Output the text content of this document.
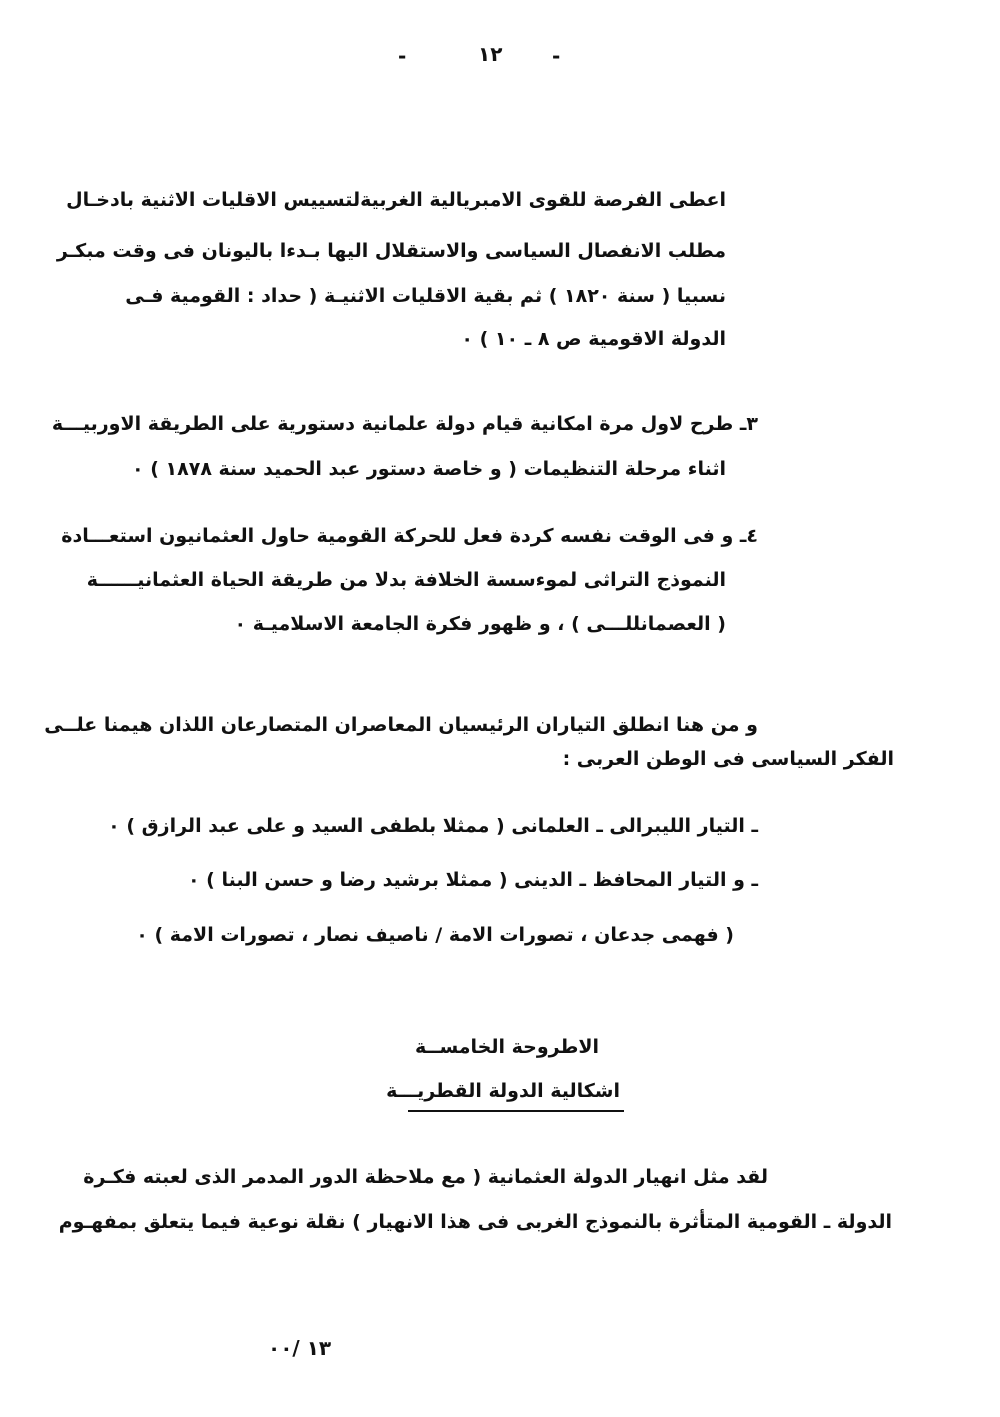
-	١٢ -
اعطى الفرصة للقوى الامبريالية الغربيةلتسييس الاقليات الاثنية بادخـال
مطلب الانفصال السياسى والاستقلال اليها بـدءا باليونان فى وقت مبكـر
نسبيا ( سنة ١٨٢٠ ) ثم بقية الاقليات الاثنيـة ( حداد : القومية فـى
الدولة الاقومية ص ٨ ـ ١٠ ) ٠
٣ـ طرح لاول مرة امكانية قيام دولة علمانية دستورية على الطريقة الاوربيـــة
اثناء مرحلة التنظيمات ( و خاصة دستور عبد الحميد سنة ١٨٧٨ ) ٠
٤ـ و فى الوقت نفسه كردة فعل للحركة القومية حاول العثمانيون استعـــادة
النموذج التراثى لموءسسة الخلافة بدلا من طريقة الحياة العثمانيــــــة
( العصمانللـــى ) ، و ظهور فكرة الجامعة الاسلاميـة ٠
و من هنا انطلق التياران الرئيسيان المعاصران المتصارعان اللذان هيمنا علــى
الفكر السياسى فى الوطن العربى :
ـ التيار الليبرالى ـ العلمانى ( ممثلا بلطفى السيد و على عبد الرازق ) ٠
ـ و التيار المحافظ ـ الدينى ( ممثلا برشيد رضا و حسن البنا ) ٠
( فهمى جدعان ، تصورات الامة / ناصيف نصار ، تصورات الامة ) ٠
الاطروحة الخامســة
اشكالية الدولة القطريـــة
لقد مثل انهيار الدولة العثمانية ( مع ملاحظة الدور المدمر الذى لعبته فكـرة
الدولة ـ القومية المتأثرة بالنموذج الغربى فى هذا الانهيار ) نقلة نوعية فيما يتعلق بمفهـوم
١٣ /٠٠
